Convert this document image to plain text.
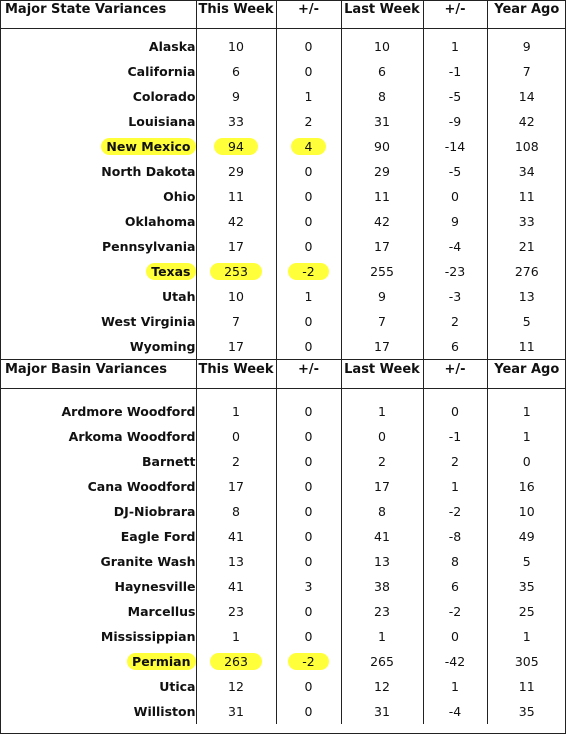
Major State Variances	This Week	+/-	Last Week	+/-	Year Ago

Alaska	10	0	10	1	9
California	6	0	6	-1	7
Colorado	9	1	8	-5	14
Louisiana	33	2	31	-9	42
New Mexico	94	4	90	-14	108
North Dakota	29	0	29	-5	34
Ohio	11	0	11	0	11
Oklahoma	42	0	42	9	33
Pennsylvania	17	0	17	-4	21
Texas	253	-2	255	-23	276
Utah	10	1	9	-3	13
West Virginia	7	0	7	2	5
Wyoming	17	0	17	6	11

Major Basin Variances	This Week	+/-	Last Week	+/-	Year Ago

Ardmore Woodford	1	0	1	0	1
Arkoma Woodford	0	0	0	-1	1
Barnett	2	0	2	2	0
Cana Woodford	17	0	17	1	16
DJ-Niobrara	8	0	8	-2	10
Eagle Ford	41	0	41	-8	49
Granite Wash	13	0	13	8	5
Haynesville	41	3	38	6	35
Marcellus	23	0	23	-2	25
Mississippian	1	0	1	0	1
Permian	263	-2	265	-42	305
Utica	12	0	12	1	11
Williston	31	0	31	-4	35
